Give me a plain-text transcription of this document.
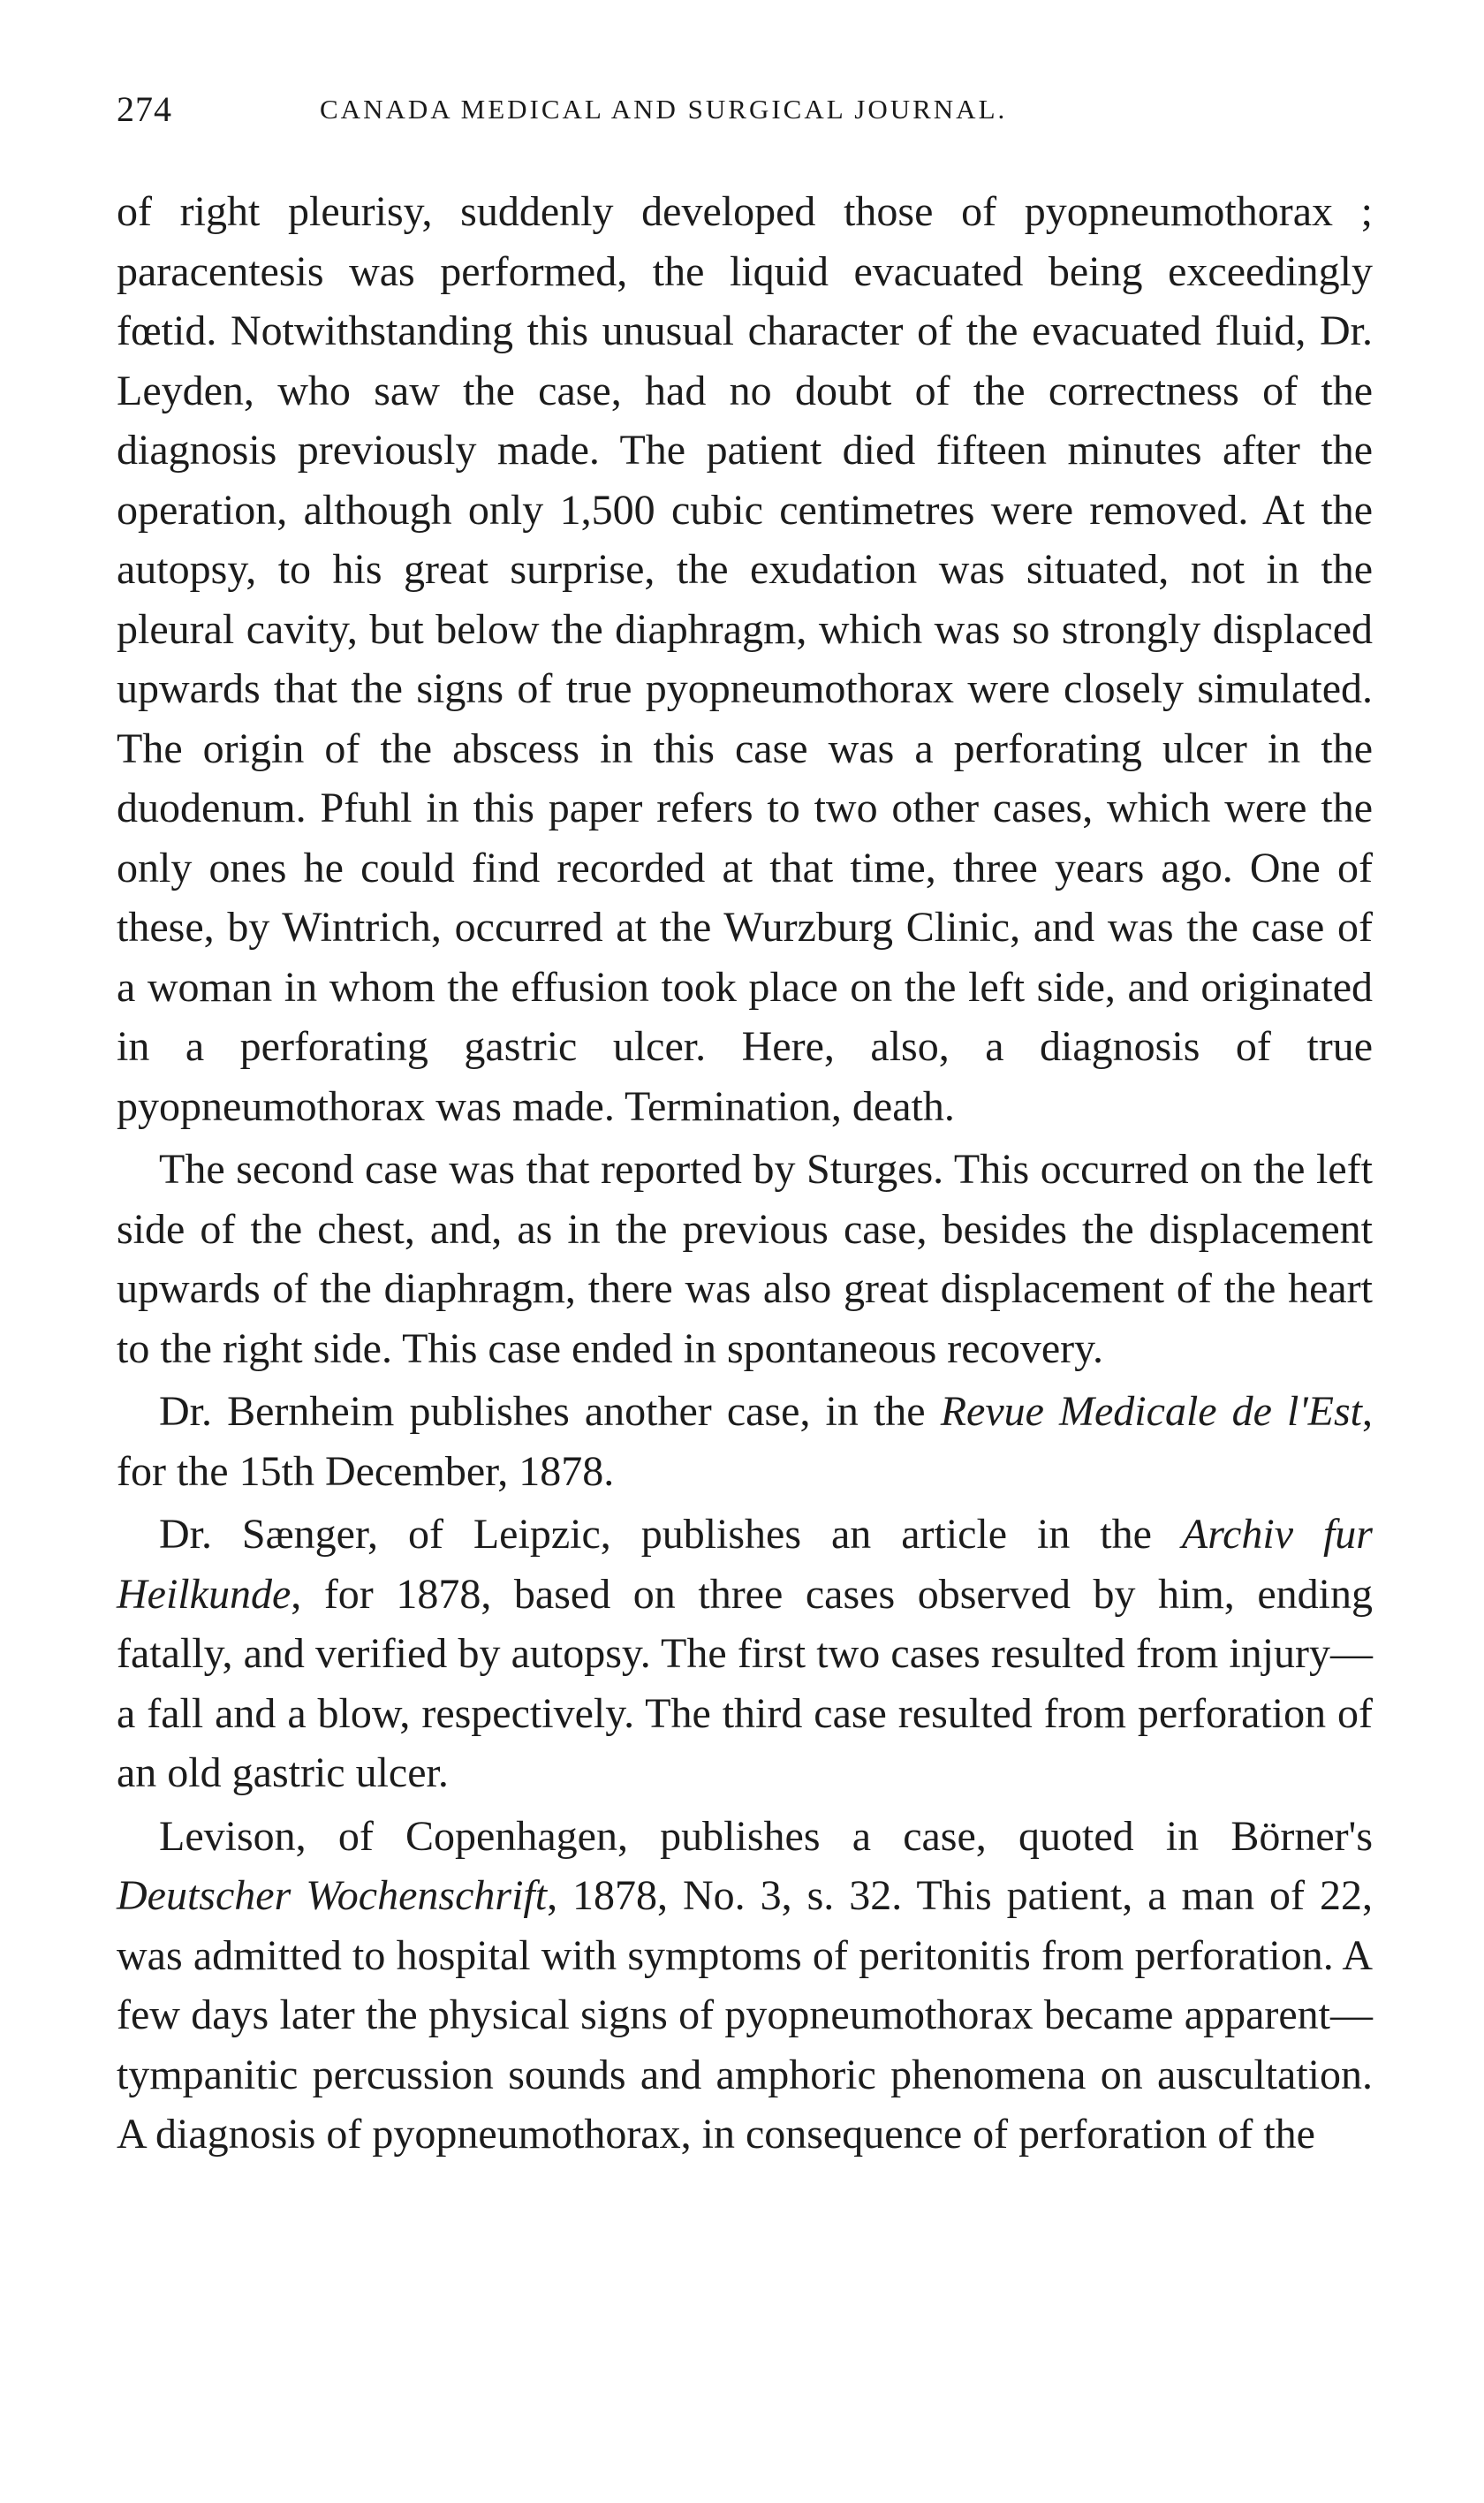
274	CANADA MEDICAL AND SURGICAL JOURNAL.

of right pleurisy, suddenly developed those of pyopneumothorax ; paracentesis was performed, the liquid evacuated being exceedingly fœtid. Notwithstanding this unusual character of the evacuated fluid, Dr. Leyden, who saw the case, had no doubt of the correctness of the diagnosis previously made. The patient died fifteen minutes after the operation, although only 1,500 cubic centimetres were removed. At the autopsy, to his great surprise, the exudation was situated, not in the pleural cavity, but below the diaphragm, which was so strongly displaced upwards that the signs of true pyopneumothorax were closely simulated. The origin of the abscess in this case was a perforating ulcer in the duodenum. Pfuhl in this paper refers to two other cases, which were the only ones he could find recorded at that time, three years ago. One of these, by Wintrich, occurred at the Wurzburg Clinic, and was the case of a woman in whom the effusion took place on the left side, and originated in a perforating gastric ulcer. Here, also, a diagnosis of true pyopneumothorax was made. Termination, death.

The second case was that reported by Sturges. This occurred on the left side of the chest, and, as in the previous case, besides the displacement upwards of the diaphragm, there was also great displacement of the heart to the right side. This case ended in spontaneous recovery.

Dr. Bernheim publishes another case, in the Revue Medicale de l'Est, for the 15th December, 1878.

Dr. Sænger, of Leipzic, publishes an article in the Archiv fur Heilkunde, for 1878, based on three cases observed by him, ending fatally, and verified by autopsy. The first two cases resulted from injury—a fall and a blow, respectively. The third case resulted from perforation of an old gastric ulcer.

Levison, of Copenhagen, publishes a case, quoted in Börner's Deutscher Wochenschrift, 1878, No. 3, s. 32. This patient, a man of 22, was admitted to hospital with symptoms of peritonitis from perforation. A few days later the physical signs of pyopneumothorax became apparent—tympanitic percussion sounds and amphoric phenomena on auscultation. A diagnosis of pyopneumothorax, in consequence of perforation of the
